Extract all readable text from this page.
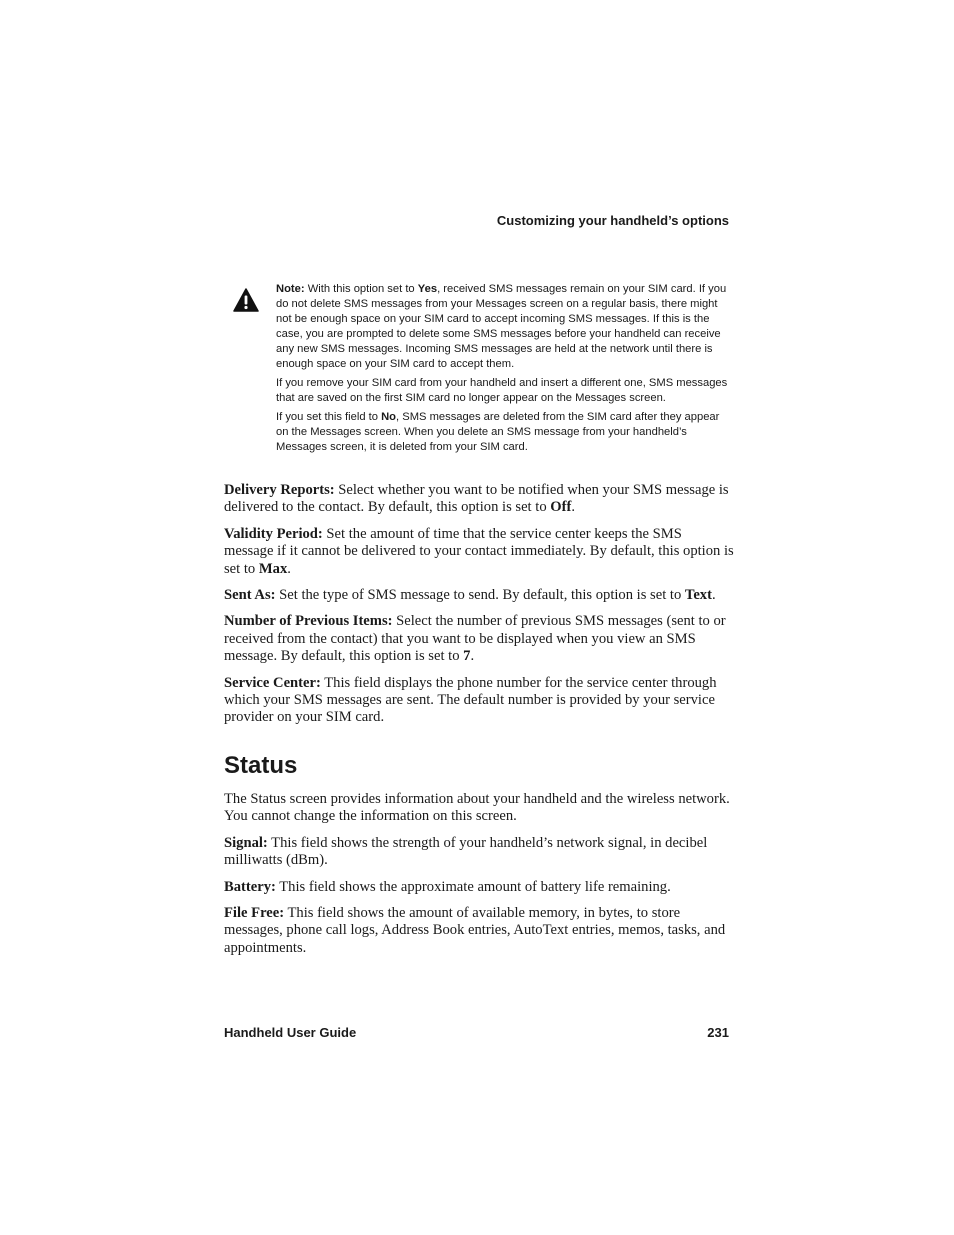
Customizing your handheld’s options

Note: With this option set to Yes, received SMS messages remain on your SIM card. If you do not delete SMS messages from your Messages screen on a regular basis, there might not be enough space on your SIM card to accept incoming SMS messages. If this is the case, you are prompted to delete some SMS messages before your handheld can receive any new SMS messages. Incoming SMS messages are held at the network until there is enough space on your SIM card to accept them.

If you remove your SIM card from your handheld and insert a different one, SMS messages that are saved on the first SIM card no longer appear on the Messages screen.

If you set this field to No, SMS messages are deleted from the SIM card after they appear on the Messages screen. When you delete an SMS message from your handheld’s Messages screen, it is deleted from your SIM card.

Delivery Reports: Select whether you want to be notified when your SMS message is delivered to the contact. By default, this option is set to Off.

Validity Period: Set the amount of time that the service center keeps the SMS message if it cannot be delivered to your contact immediately. By default, this option is set to Max.

Sent As: Set the type of SMS message to send. By default, this option is set to Text.

Number of Previous Items: Select the number of previous SMS messages (sent to or received from the contact) that you want to be displayed when you view an SMS message. By default, this option is set to 7.

Service Center: This field displays the phone number for the service center through which your SMS messages are sent. The default number is provided by your service provider on your SIM card.

Status

The Status screen provides information about your handheld and the wireless network. You cannot change the information on this screen.

Signal: This field shows the strength of your handheld’s network signal, in decibel milliwatts (dBm).

Battery: This field shows the approximate amount of battery life remaining.

File Free: This field shows the amount of available memory, in bytes, to store messages, phone call logs, Address Book entries, AutoText entries, memos, tasks, and appointments.

Handheld User Guide	231
